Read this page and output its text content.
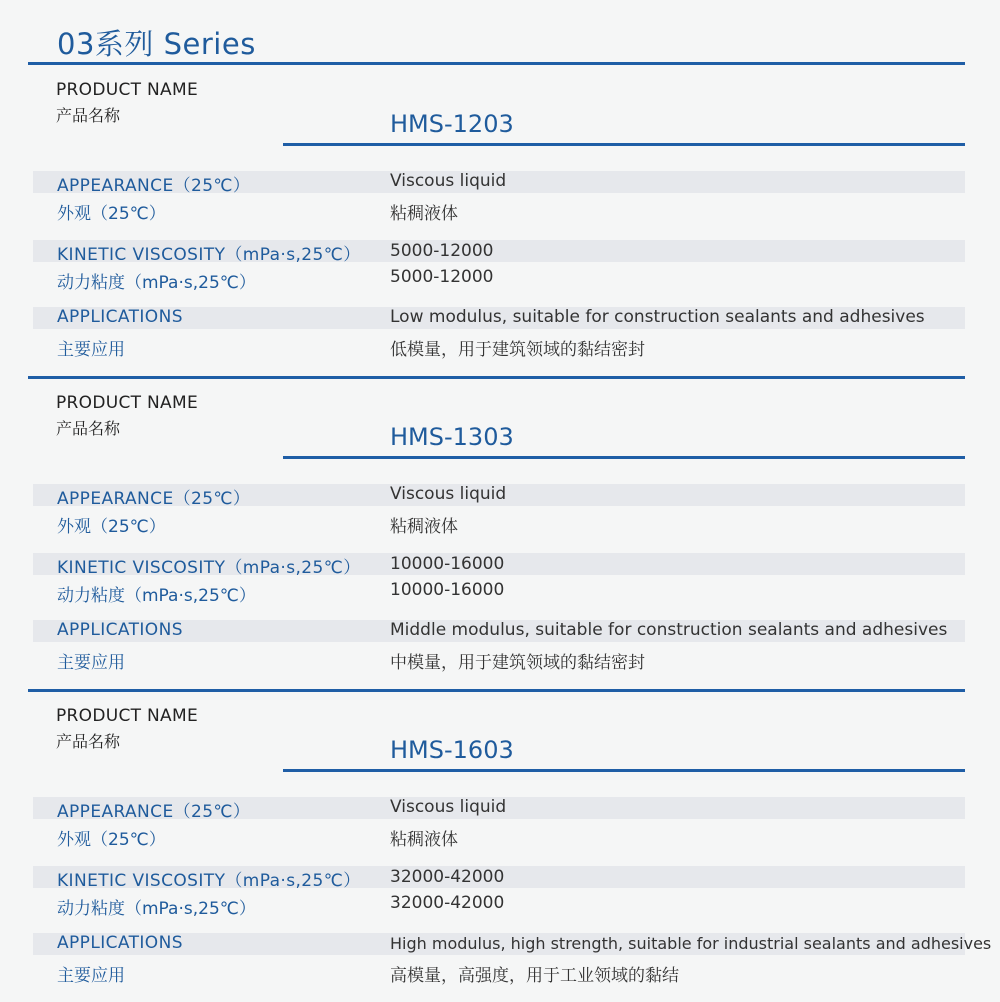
03系列 Series
PRODUCT NAME
产品名称	HMS-1203
APPEARANCE（25℃）	Viscous liquid
外观（25℃）	粘稠液体
KINETIC VISCOSITY（mPa·s,25℃） 5000-12000
动力粘度（mPa·s,25℃）	5000-12000
APPLICATIONS	Low modulus, suitable for construction sealants and adhesives
主要应用	低模量，用于建筑领域的黏结密封
PRODUCT NAME
产品名称	HMS-1303
APPEARANCE（25℃）	Viscous liquid
外观（25℃）	粘稠液体
KINETIC VISCOSITY（mPa·s,25℃） 10000-16000
动力粘度（mPa·s,25℃）	10000-16000
APPLICATIONS	Middle modulus, suitable for construction sealants and adhesives
主要应用	中模量，用于建筑领域的黏结密封
PRODUCT NAME
产品名称	HMS-1603
APPEARANCE（25℃）	Viscous liquid
外观（25℃）	粘稠液体
KINETIC VISCOSITY（mPa·s,25℃） 32000-42000
动力粘度（mPa·s,25℃）	32000-42000
APPLICATIONS	High modulus, high strength, suitable for industrial sealants and adhesives
主要应用	高模量，高强度，用于工业领域的黏结
